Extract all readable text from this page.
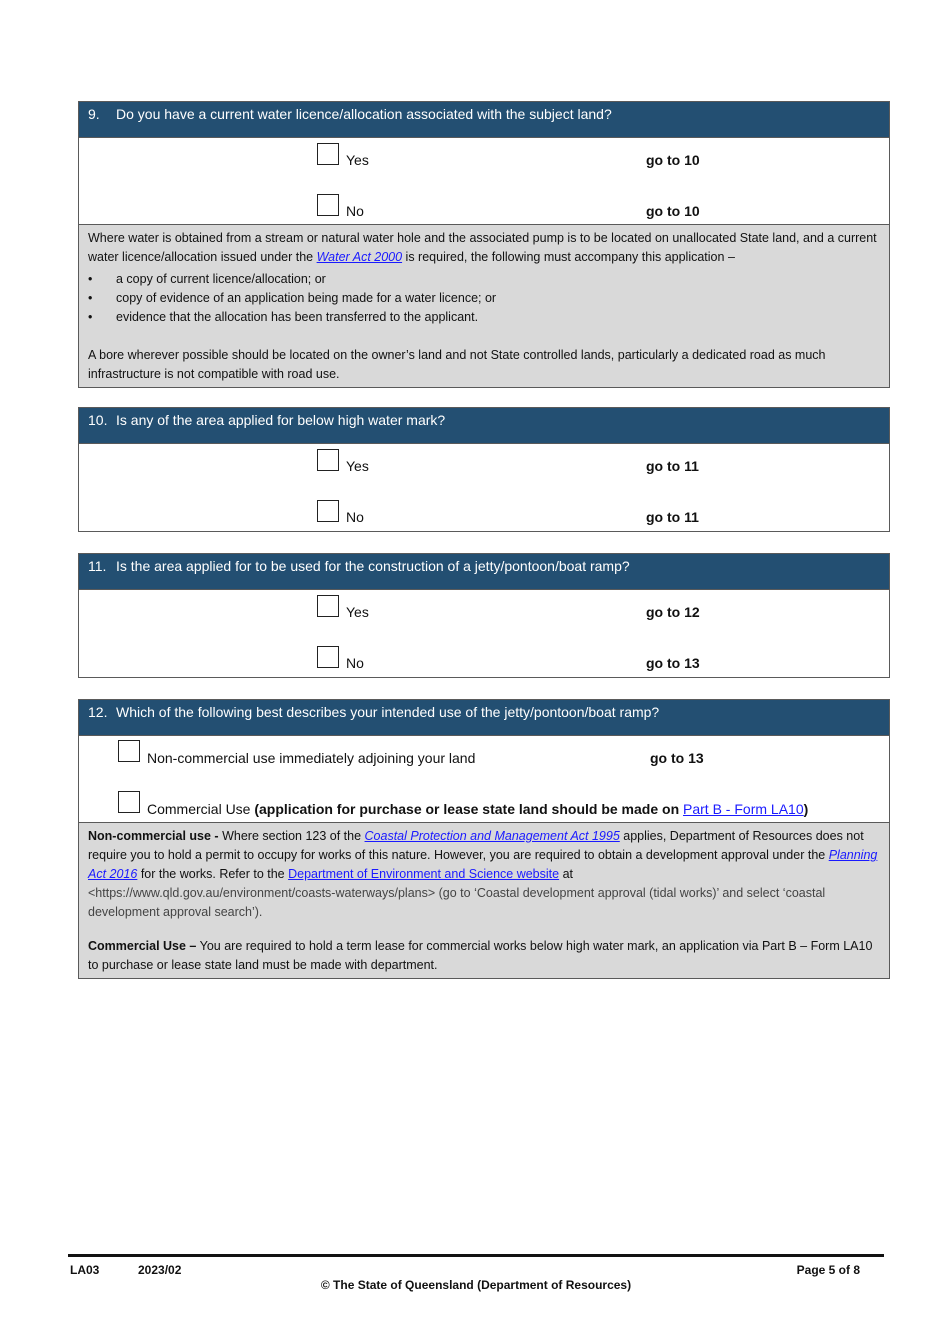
9. Do you have a current water licence/allocation associated with the subject land?
Yes	go to 10
No	go to 10

Where water is obtained from a stream or natural water hole and the associated pump is to be located on unallocated State land, and a current water licence/allocation issued under the Water Act 2000 is required, the following must accompany this application –

• a copy of current licence/allocation; or
• copy of evidence of an application being made for a water licence; or
• evidence that the allocation has been transferred to the applicant.

A bore wherever possible should be located on the owner’s land and not State controlled lands, particularly a dedicated road as much infrastructure is not compatible with road use.

10. Is any of the area applied for below high water mark?
Yes	go to 11
No	go to 11
11. Is the area applied for to be used for the construction of a jetty/pontoon/boat ramp?
Yes	go to 12
No	go to 13
12. Which of the following best describes your intended use of the jetty/pontoon/boat ramp?
Non-commercial use immediately adjoining your land	go to 13
Commercial Use (application for purchase or lease state land should be made on Part B - Form LA10)

Non-commercial use - Where section 123 of the Coastal Protection and Management Act 1995 applies, Department of Resources does not require you to hold a permit to occupy for works of this nature. However, you are required to obtain a development approval under the Planning Act 2016 for the works. Refer to the Department of Environment and Science website at
<https://www.qld.gov.au/environment/coasts-waterways/plans> (go to ‘Coastal development approval (tidal works)’ and select ‘coastal development approval search’).

Commercial Use – You are required to hold a term lease for commercial works below high water mark, an application via Part B – Form LA10 to purchase or lease state land must be made with department.

LA03	2023/02	Page 5 of 8
© The State of Queensland (Department of Resources)
